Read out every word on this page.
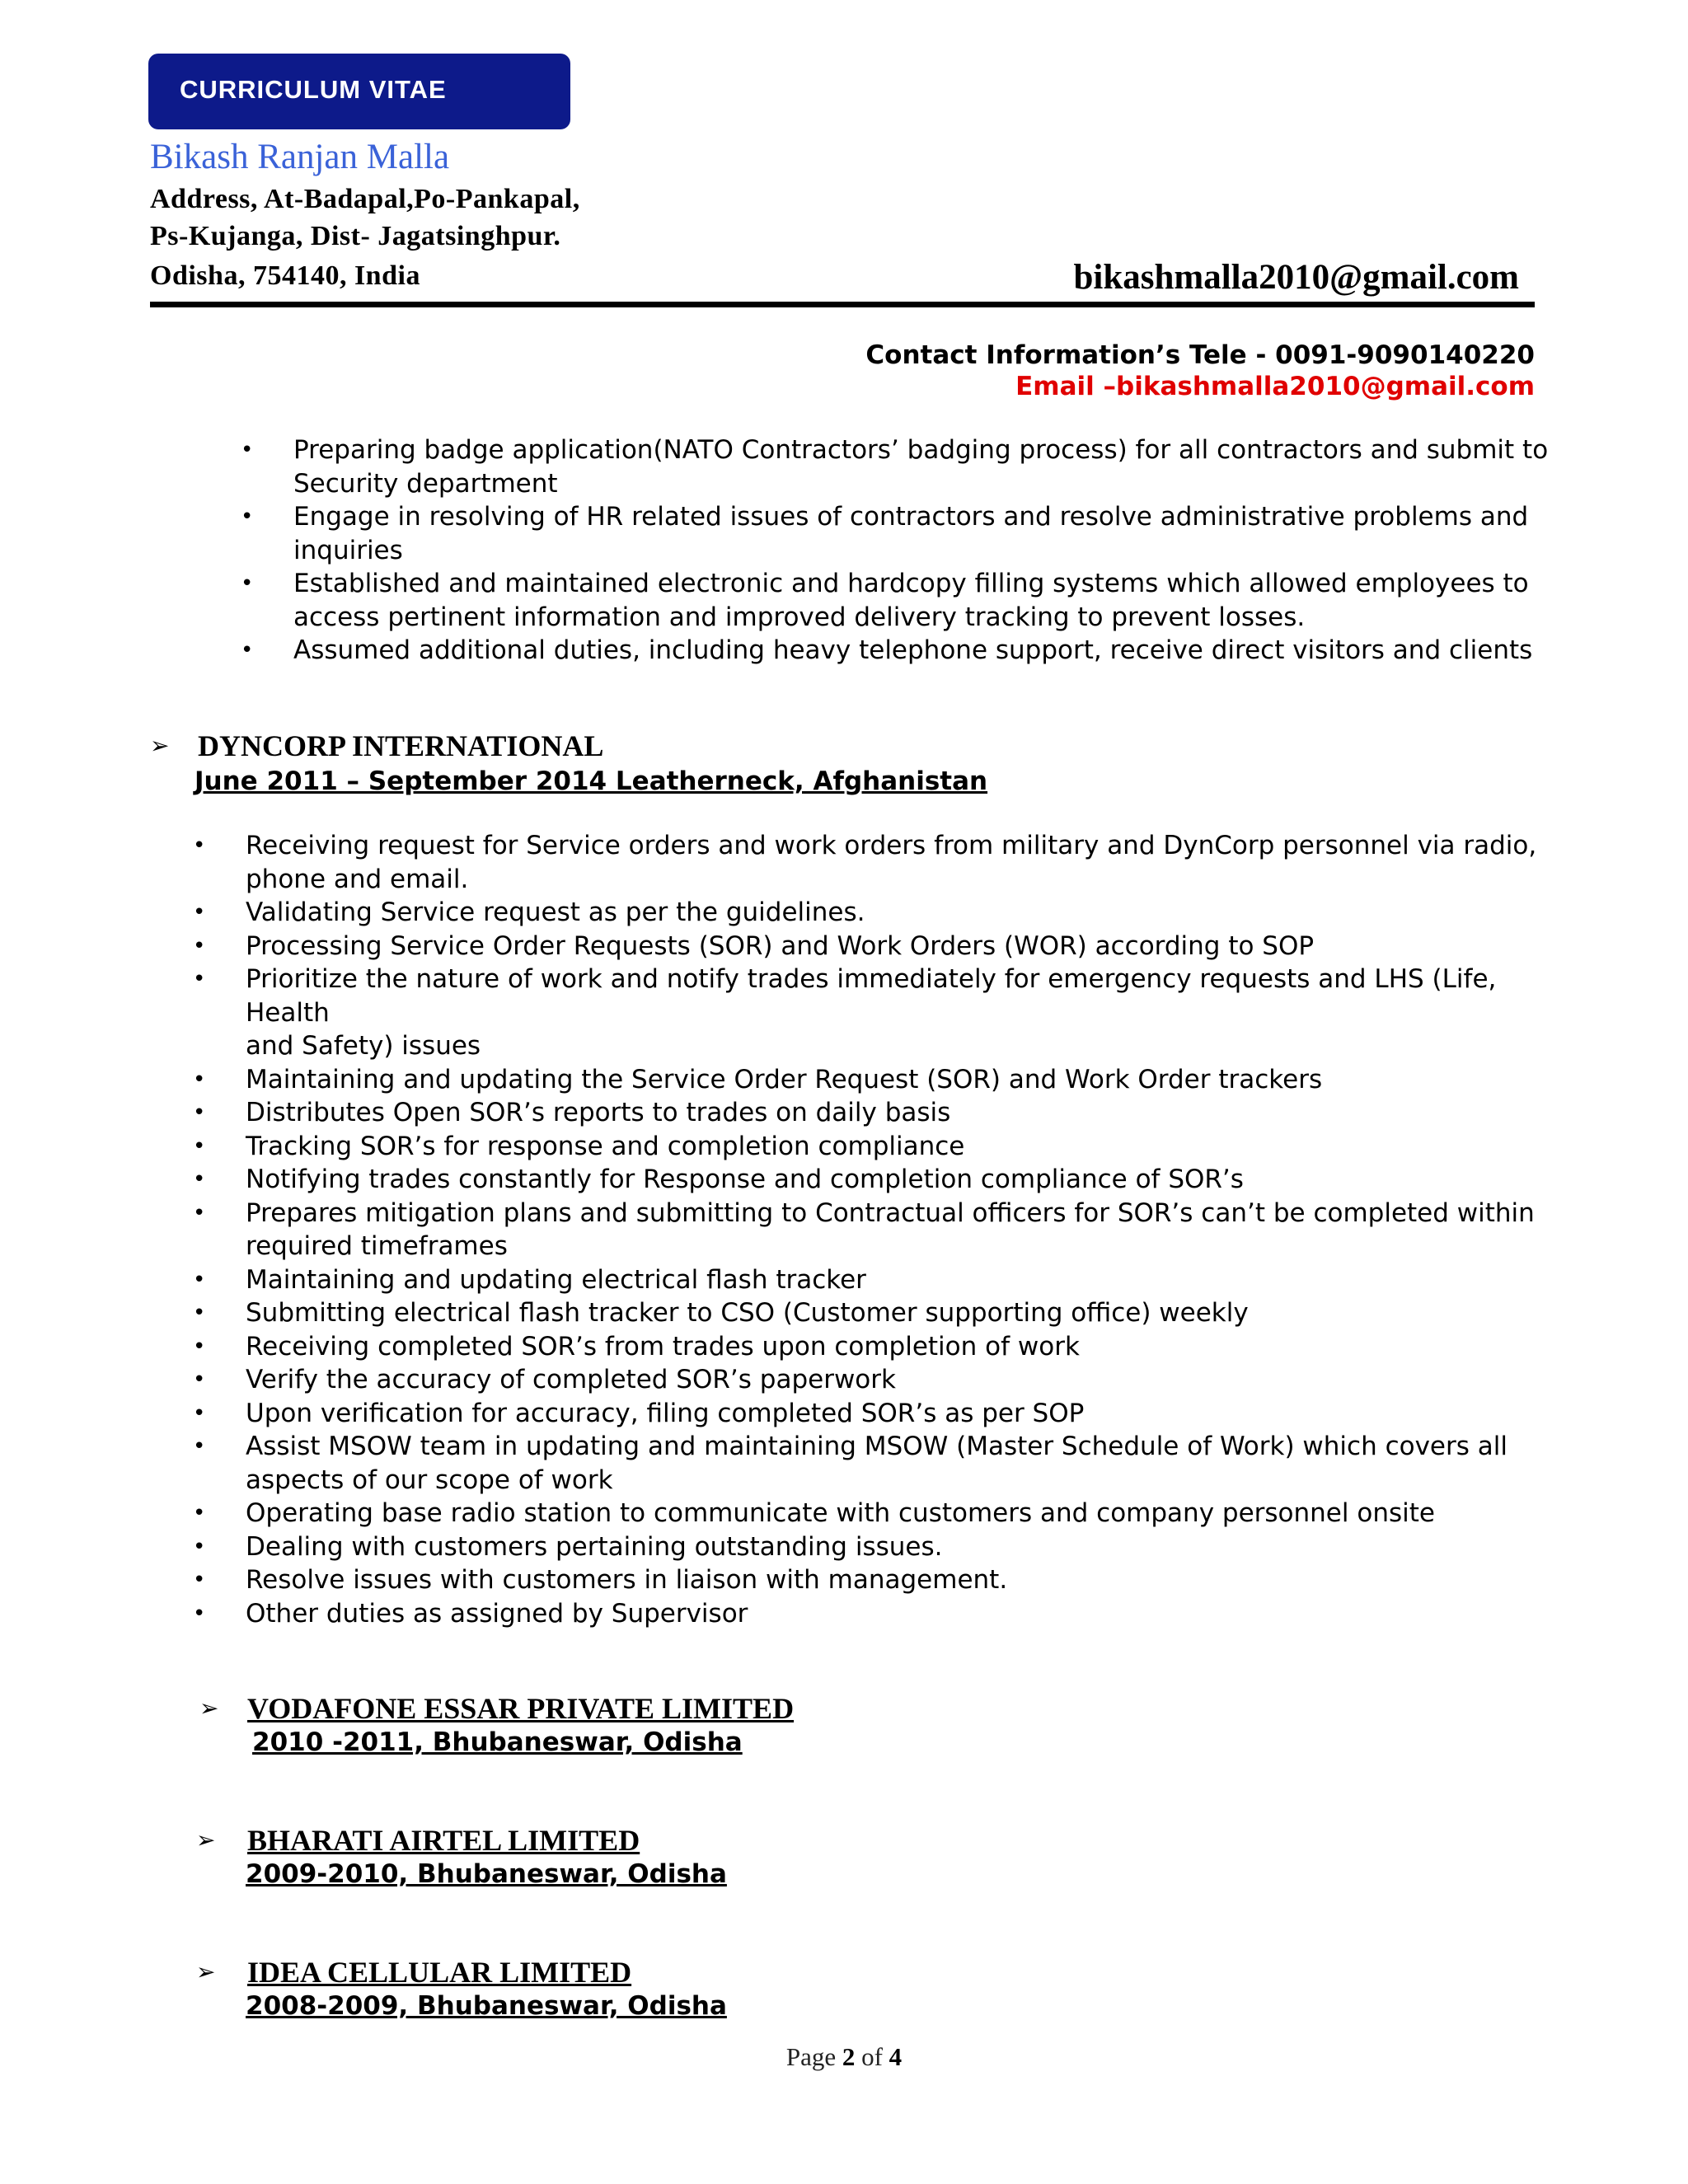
CURRICULUM VITAE
Bikash Ranjan Malla
Address, At-Badapal,Po-Pankapal,
Ps-Kujanga, Dist- Jagatsinghpur.
Odisha, 754140, India	bikashmalla2010@gmail.com
Contact Information’s Tele - 0091-9090140220
Email –bikashmalla2010@gmail.com
• Preparing badge application(NATO Contractors’ badging process) for all contractors and submit to
Security department
• Engage in resolving of HR related issues of contractors and resolve administrative problems and
inquiries
• Established and maintained electronic and hardcopy filling systems which allowed employees to
access pertinent information and improved delivery tracking to prevent losses.
• Assumed additional duties, including heavy telephone support, receive direct visitors and clients
➢ DYNCORP INTERNATIONAL
June 2011 – September 2014 Leatherneck, Afghanistan
• Receiving request for Service orders and work orders from military and DynCorp personnel via radio,
phone and email.
• Validating Service request as per the guidelines.
• Processing Service Order Requests (SOR) and Work Orders (WOR) according to SOP
• Prioritize the nature of work and notify trades immediately for emergency requests and LHS (Life, Health
and Safety) issues
• Maintaining and updating the Service Order Request (SOR) and Work Order trackers
• Distributes Open SOR’s reports to trades on daily basis
• Tracking SOR’s for response and completion compliance
• Notifying trades constantly for Response and completion compliance of SOR’s
• Prepares mitigation plans and submitting to Contractual officers for SOR’s can’t be completed within
required timeframes
• Maintaining and updating electrical flash tracker
• Submitting electrical flash tracker to CSO (Customer supporting office) weekly
• Receiving completed SOR’s from trades upon completion of work
• Verify the accuracy of completed SOR’s paperwork
• Upon verification for accuracy, filing completed SOR’s as per SOP
• Assist MSOW team in updating and maintaining MSOW (Master Schedule of Work) which covers all
aspects of our scope of work
• Operating base radio station to communicate with customers and company personnel onsite
• Dealing with customers pertaining outstanding issues.
• Resolve issues with customers in liaison with management.
• Other duties as assigned by Supervisor
➢ VODAFONE ESSAR PRIVATE LIMITED
2010 -2011, Bhubaneswar, Odisha
➢ BHARATI AIRTEL LIMITED
2009-2010, Bhubaneswar, Odisha
➢ IDEA CELLULAR LIMITED
2008-2009, Bhubaneswar, Odisha
Page 2 of 4
